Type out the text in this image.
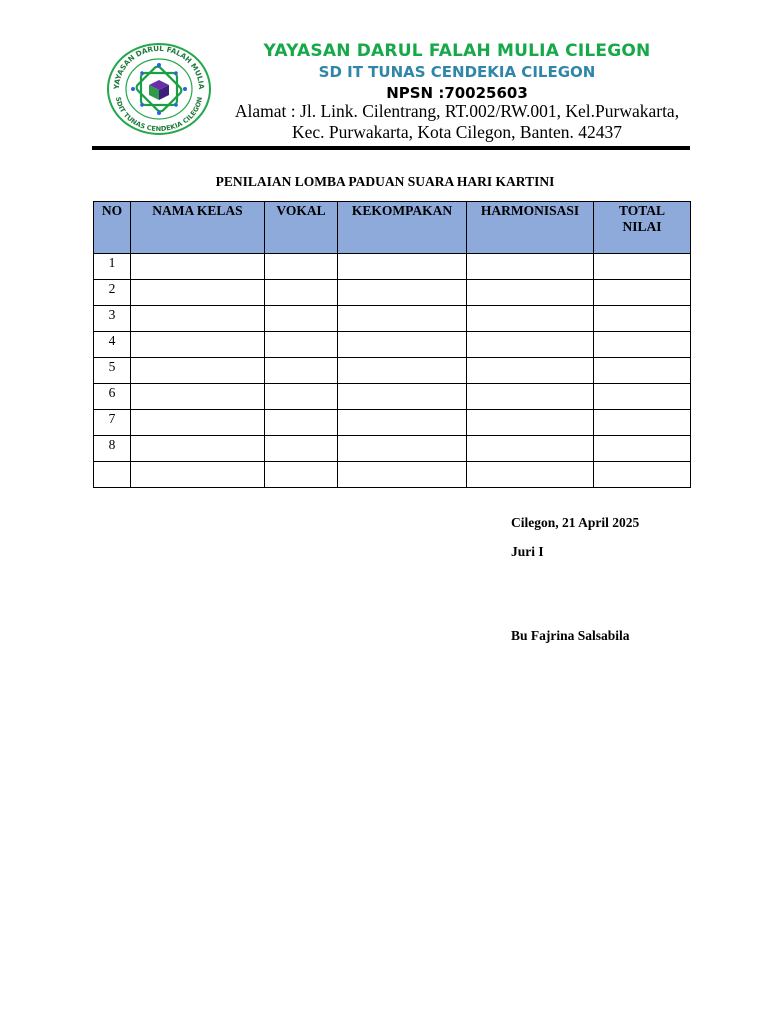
YAYASAN DARUL FALAH MULIA
SDIT TUNAS CENDEKIA CILEGON
YAYASAN DARUL FALAH MULIA CILEGON
SD IT TUNAS CENDEKIA CILEGON
NPSN :70025603
Alamat : Jl. Link. Cilentrang, RT.002/RW.001, Kel.Purwakarta,
Kec. Purwakarta, Kota Cilegon, Banten. 42437
PENILAIAN LOMBA PADUAN SUARA HARI KARTINI
NO	NAMA KELAS	VOKAL	KEKOMPAKAN	HARMONISASI	TOTAL NILAI
1					
2					
3					
4					
5					
6					
7					
8					

Cilegon, 21 April 2025
Juri I
Bu Fajrina Salsabila
